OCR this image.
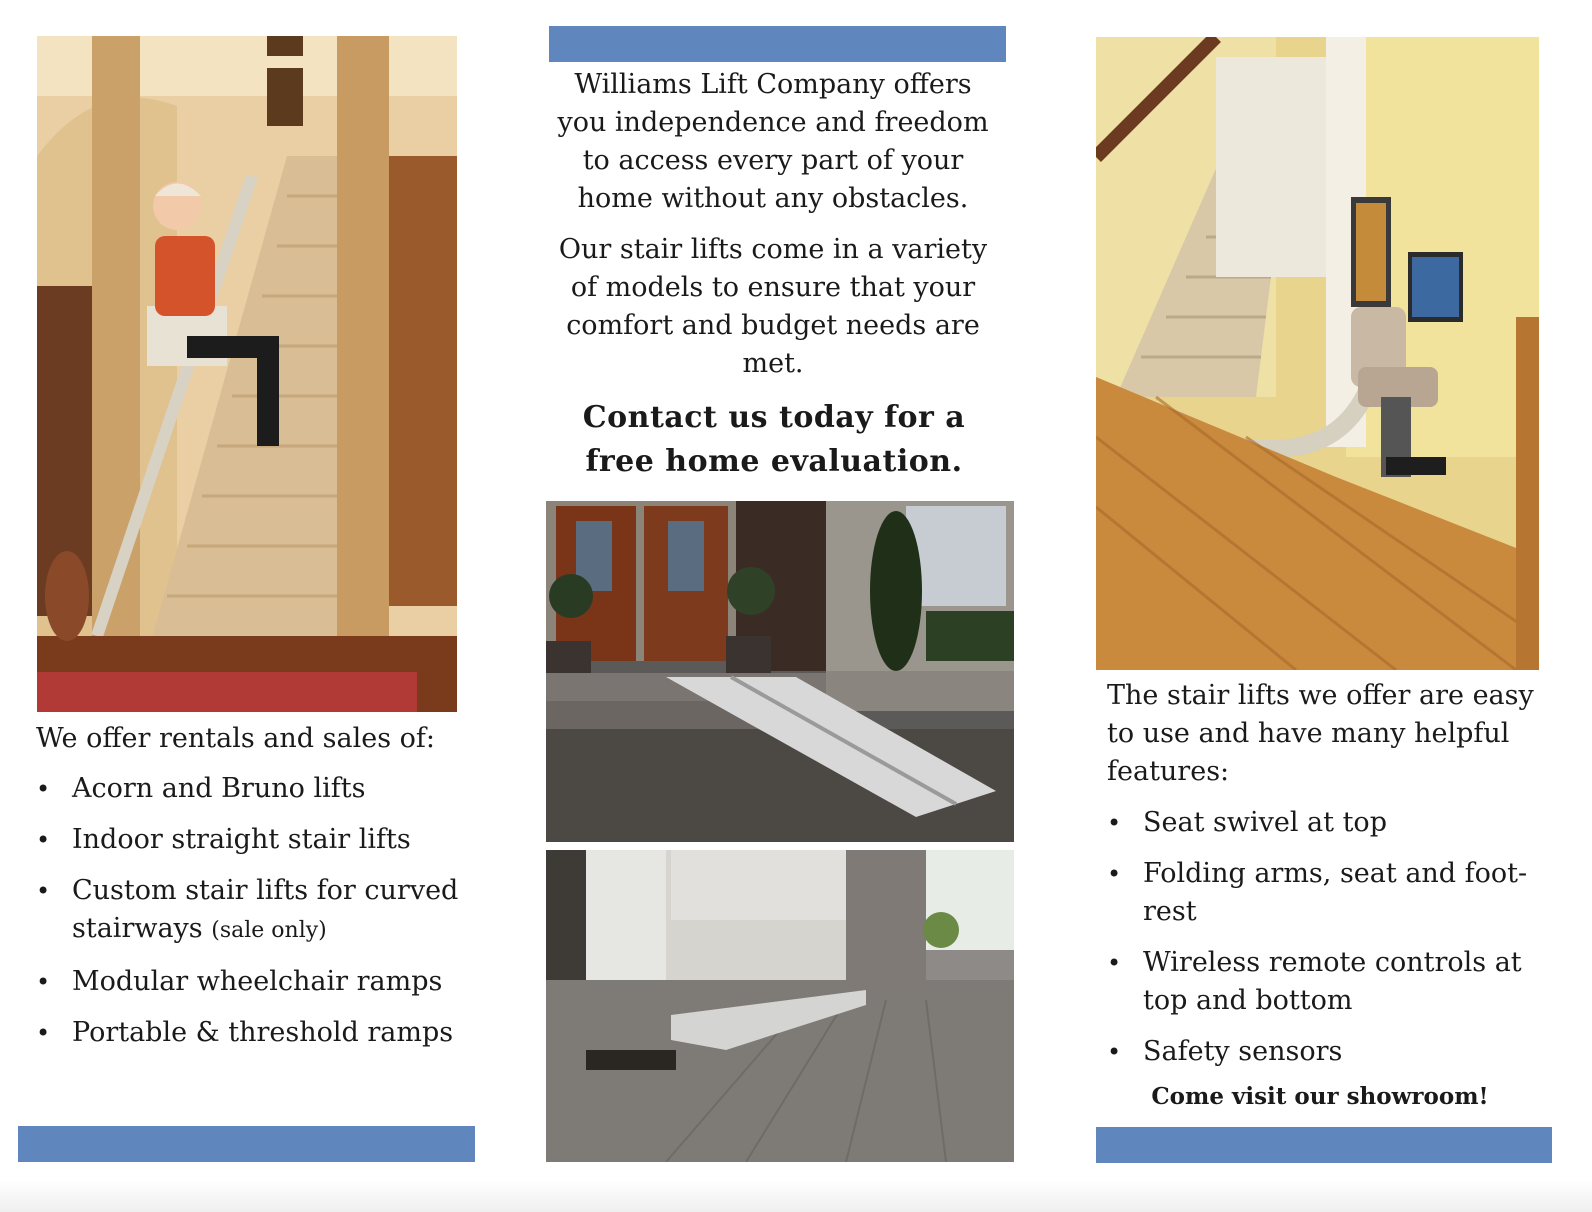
We offer rentals and sales of:
• Acorn and Bruno lifts
• Indoor straight stair lifts
• Custom stair lifts for curved stairways (sale only)
• Modular wheelchair ramps
• Portable & threshold ramps
Williams Lift Company offers you independence and freedom to access every part of your home without any obstacles.
Our stair lifts come in a variety of models to ensure that your comfort and budget needs are met.
Contact us today for a free home evaluation.
The stair lifts we offer are easy to use and have many helpful features:
• Seat swivel at top
• Folding arms, seat and foot-rest
• Wireless remote controls at top and bottom
• Safety sensors
Come visit our showroom!
